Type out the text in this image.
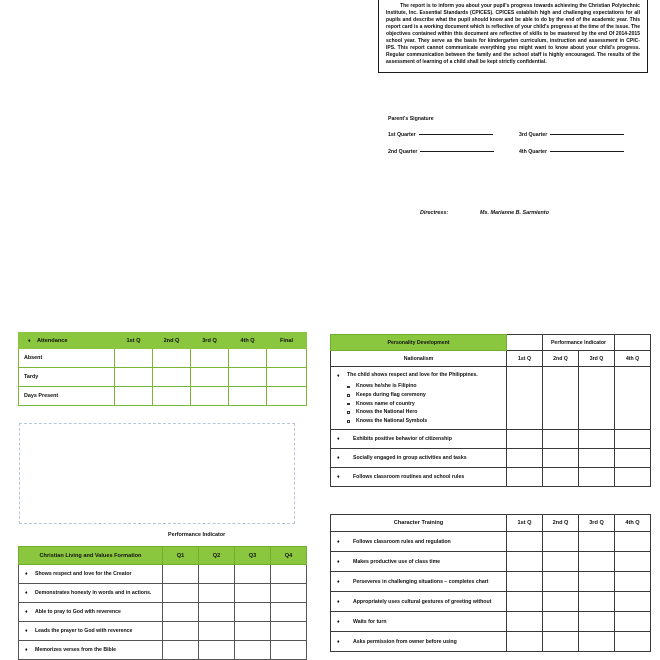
The report is to inform you about your pupil's progress towards achieving the Christian Polytechnic Institute, Inc. Essential Standards (CPICES). CPICES establish high and challenging expectations for all pupils and describe what the pupil should know and be able to do by the end of the academic year. This report card is a working document which is reflective of your child's progress at the time of the issue. The objectives contained within this document are reflective of skills to be mastered by the end Of 2014-2015 school year. They serve as the basis for kindergarten curriculum, instruction and assessment in CPIC-IPS. This report cannot communicate everything you might want to know about your child's progress. Regular communication between the family and the school staff is highly encouraged. The results of the assessment of learning of a child shall be kept strictly confidential.

Parent's Signature
1st Quarter	3rd Quarter
2nd Quarter	4th Quarter
Directress:	Ms. Marianne B. Sarmiento
♦ Attendance	1st Q	2nd Q	3rd Q	4th Q	Final
Absent					
Tardy					
Days Present					
Performance Indicator
Christian Living and Values Formation	Q1	Q2	Q3	Q4

♦ Shows respect and love for the Creator				

♦ Demonstrates honesty in words and in actions.				

♦ Able to pray to God with reverence				

♦ Leads the prayer to God with reverence				

♦ Memorizes verses from the Bible				
Personality Development		Performance Indicator		
Nationalism	1st Q	2nd Q	3rd Q	4th Q

♦ The child shows respect and love for the Philippines.
Knows he/she is Filipino
Keeps during flag ceremony
Knows name of country
Knows the National Hero
Knows the National Symbols

♦ Exhibits positive behavior of citizenship				

♦ Socially engaged in group activities and tasks				

♦ Follows classroom routines and school rules				
Character Training	1st Q	2nd Q	3rd Q	4th Q

♦ Follows classroom rules and regulation				

♦ Makes productive use of class time				

♦ Perseveres in challenging situations – completes chart				

♦ Appropriately uses cultural gestures of greeting without				

♦ Waits for turn				

♦ Asks permission from owner before using				
